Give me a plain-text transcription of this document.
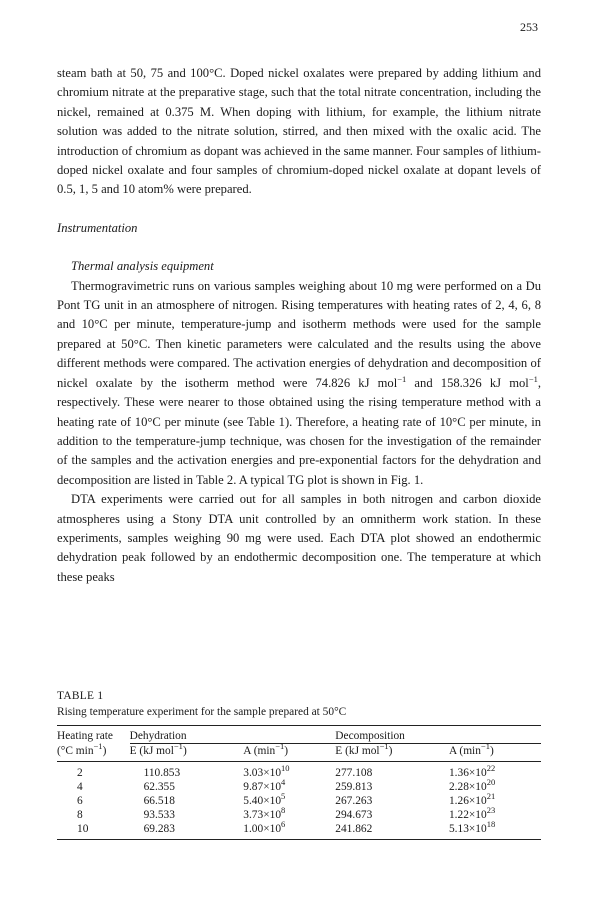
253

steam bath at 50, 75 and 100°C. Doped nickel oxalates were prepared by adding lithium and chromium nitrate at the preparative stage, such that the total nitrate concentration, including the nickel, remained at 0.375 M. When doping with lithium, for example, the lithium nitrate solution was added to the nitrate solution, stirred, and then mixed with the oxalic acid. The introduction of chromium as dopant was achieved in the same manner. Four samples of lithium-doped nickel oxalate and four samples of chromium-doped nickel oxalate at dopant levels of 0.5, 1, 5 and 10 atom% were prepared.

Instrumentation

Thermal analysis equipment

Thermogravimetric runs on various samples weighing about 10 mg were performed on a Du Pont TG unit in an atmosphere of nitrogen. Rising temperatures with heating rates of 2, 4, 6, 8 and 10°C per minute, temperature-jump and isotherm methods were used for the sample prepared at 50°C. Then kinetic parameters were calculated and the results using the above different methods were compared. The activation energies of dehydration and decomposition of nickel oxalate by the isotherm method were 74.826 kJ mol$^{-1}$ and 158.326 kJ mol$^{-1}$, respectively. These were nearer to those obtained using the rising temperature method with a heating rate of 10°C per minute (see Table 1). Therefore, a heating rate of 10°C per minute, in addition to the temperature-jump technique, was chosen for the investigation of the remainder of the samples and the activation energies and pre-exponential factors for the dehydration and decomposition are listed in Table 2. A typical TG plot is shown in Fig. 1.

DTA experiments were carried out for all samples in both nitrogen and carbon dioxide atmospheres using a Stony DTA unit controlled by an omnitherm work station. In these experiments, samples weighing 90 mg were used. Each DTA plot showed an endothermic dehydration peak followed by an endothermic decomposition one. The temperature at which these peaks

TABLE 1

Rising temperature experiment for the sample prepared at 50°C

Heating rate	Dehydration		Decomposition	
(°C $\min^{-1}$)	E (kJ mol$^{-1}$)	A $(\min^{-1})$	E (kJ mol$^{-1}$)	A $(\min^{-1})$
2	110.853	$3.03\times 10^{10}$	277.108	$1.36\times 10^{22}$
4	62.355	$9.87\times 10^4$	259.813	$2.28\times 10^{20}$
6	66.518	$5.40\times 10^5$	267.263	$1.26\times 10^{21}$
8	93.533	$3.73\times 10^8$	294.673	$1.22\times 10^{23}$
10	69.283	$1.00\times 10^6$	241.862	$5.13\times 10^{18}$
